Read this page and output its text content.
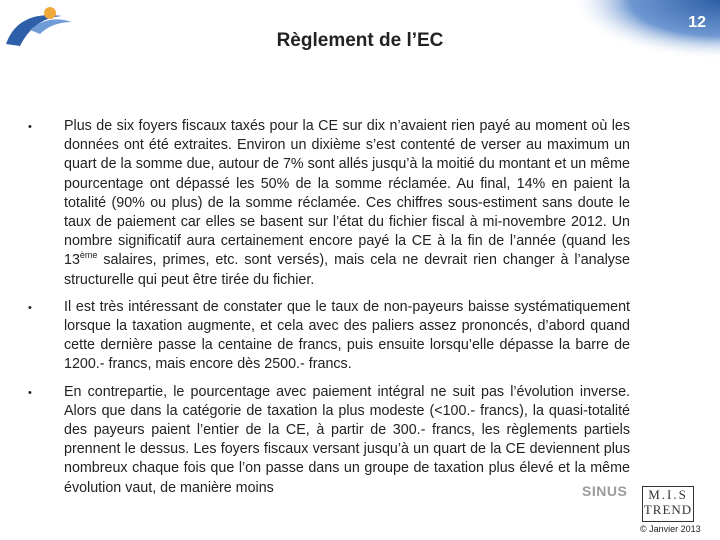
Règlement de l’EC
12
•	Plus de six foyers fiscaux taxés pour la CE sur dix n’avaient rien payé au moment où les données ont été extraites. Environ un dixième s’est contenté de verser au maximum un quart de la somme due, autour de 7% sont allés jusqu’à la moitié du montant et un même pourcentage ont dépassé les 50% de la somme réclamée. Au final, 14% en paient la totalité (90% ou plus) de la somme réclamée. Ces chiffres sous-estiment sans doute le taux de paiement car elles se basent sur l’état du fichier fiscal à mi-novembre 2012. Un nombre significatif aura certainement encore payé la CE à la fin de l’année (quand les 13ème salaires, primes, etc. sont versés), mais cela ne devrait rien changer à l’analyse structurelle qui peut être tirée du fichier.

•	Il est très intéressant de constater que le taux de non-payeurs baisse systématiquement lorsque la taxation augmente, et cela avec des paliers assez prononcés, d’abord quand cette dernière passe la centaine de francs, puis ensuite lorsqu’elle dépasse la barre de 1200.- francs, mais encore dès 2500.- francs.

•	En contrepartie, le pourcentage avec paiement intégral ne suit pas l’évolution inverse. Alors que dans la catégorie de taxation la plus modeste (<100.- francs), la quasi-totalité des payeurs paient l’entier de la CE, à partir de 300.- francs, les règlements partiels prennent le dessus. Les foyers fiscaux versant jusqu’à un quart de la CE deviennent plus nombreux chaque fois que l’on passe dans un groupe de taxation plus élevé et la même évolution vaut, de manière moins	SINUS	M.I.S
TREND
© Janvier 2013
